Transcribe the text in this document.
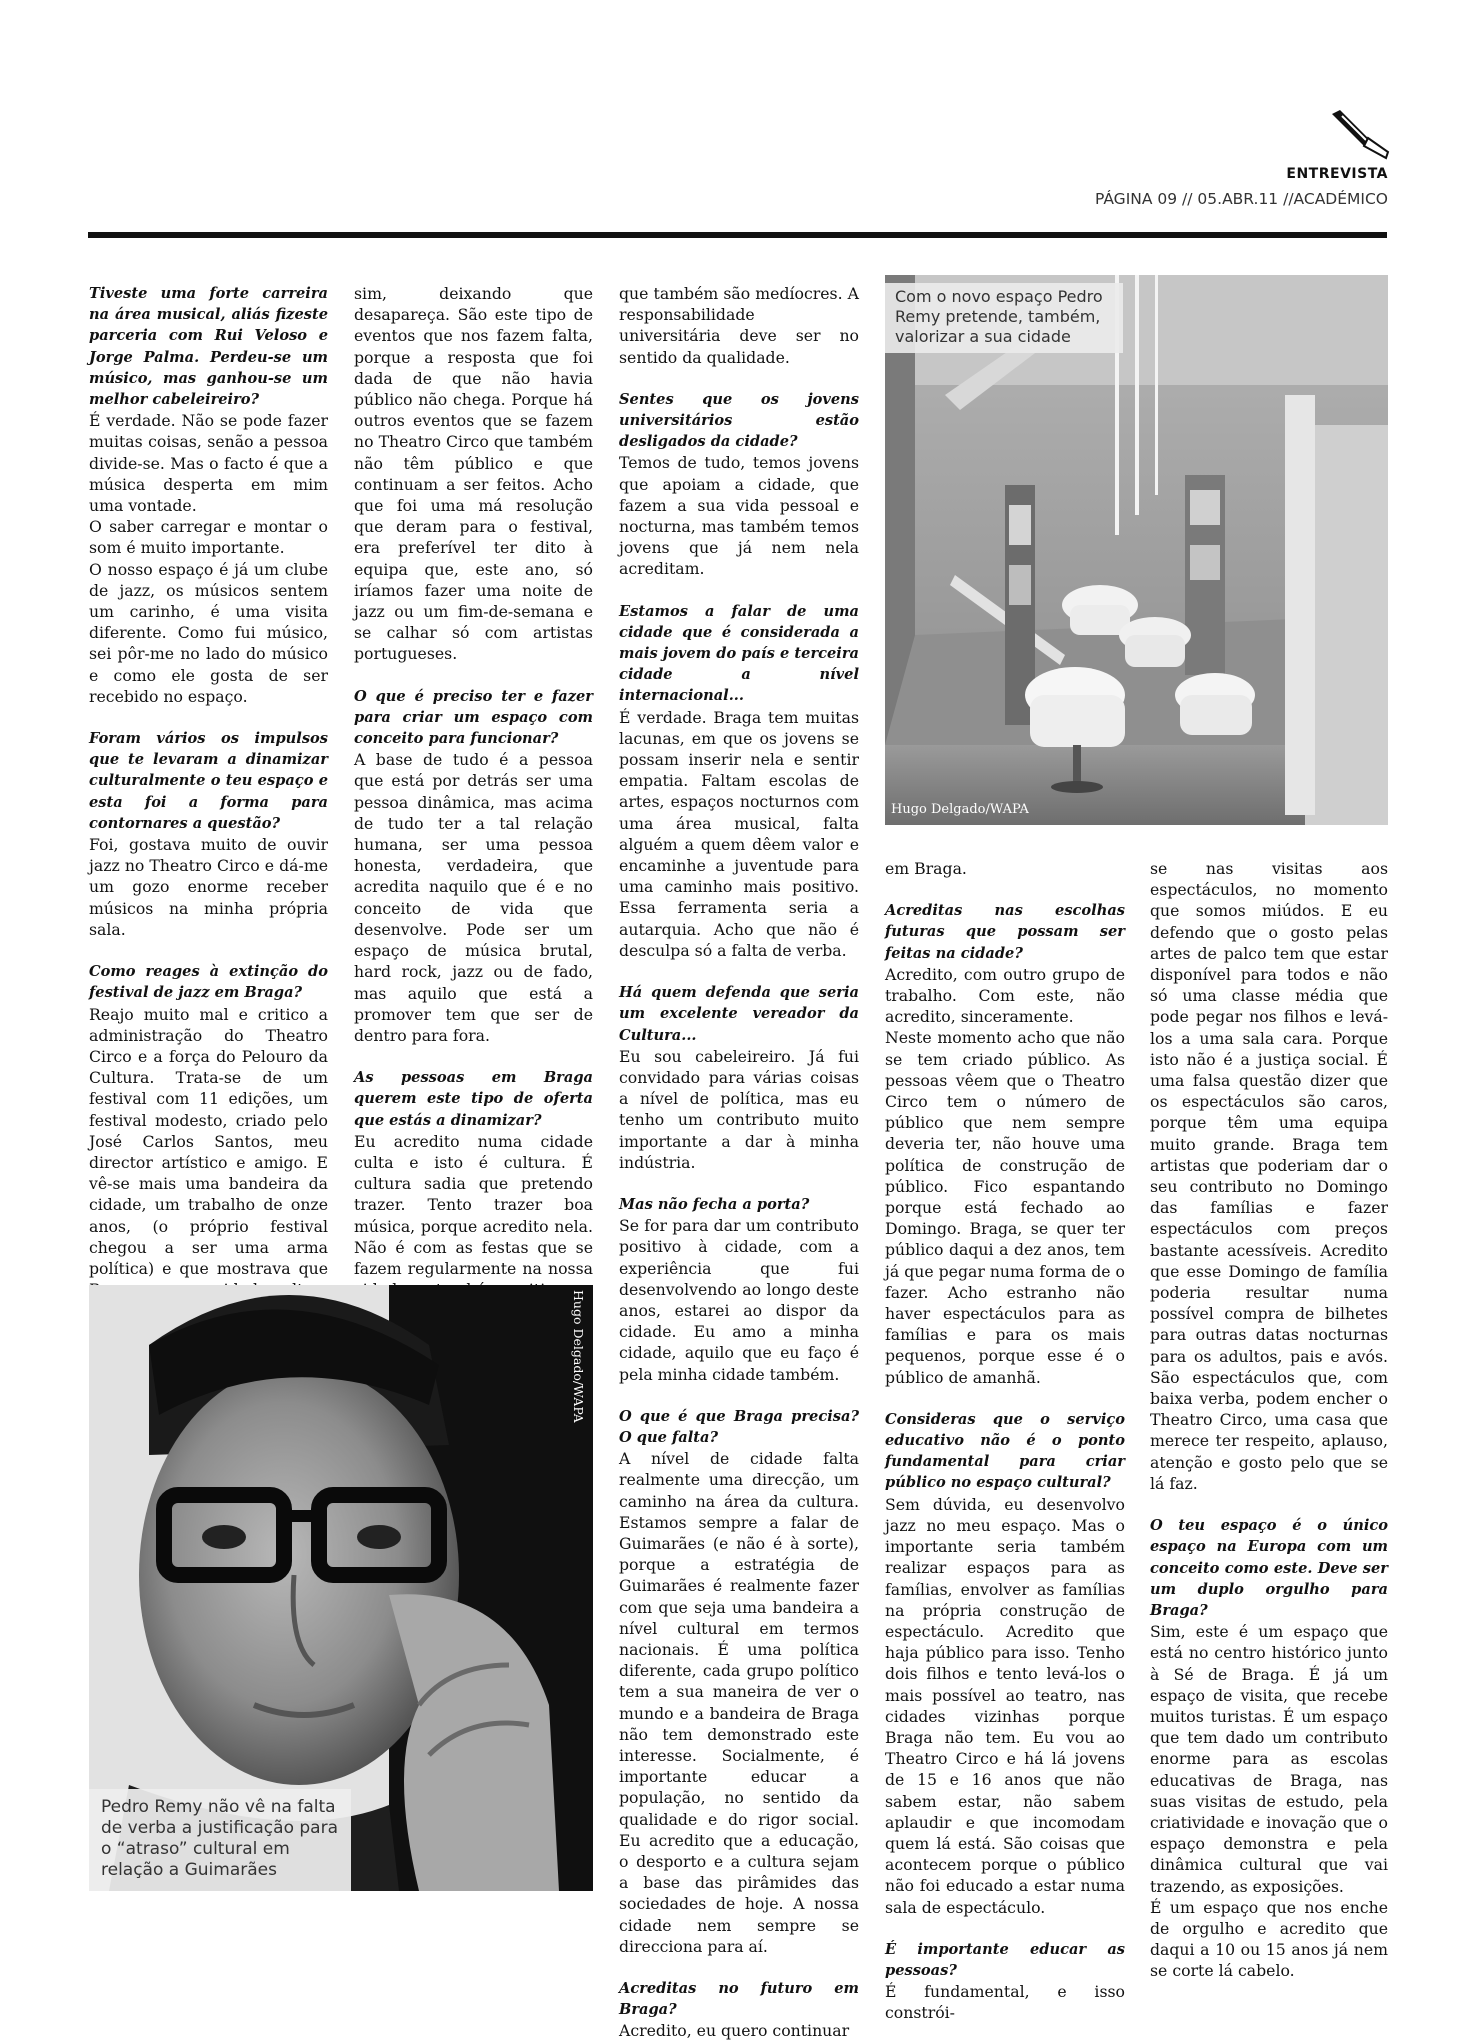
ENTREVISTA
PÁGINA 09 // 05.ABR.11 //ACADÉMICO

Tiveste uma forte carreira na área musical, aliás fizeste parceria com Rui Veloso e Jorge Palma. Perdeu-se um músico, mas ganhou-se um melhor cabeleireiro?

É verdade. Não se pode fazer muitas coisas, senão a pessoa divide-se. Mas o facto é que a música desperta em mim uma vontade.

O saber carregar e montar o som é muito importante.

O nosso espaço é já um clube de jazz, os músicos sentem um carinho, é uma visita diferente. Como fui músico, sei pôr-me no lado do músico e como ele gosta de ser recebido no espaço.

Foram vários os impulsos que te levaram a dinamizar culturalmente o teu espaço e esta foi a forma para contornares a questão?

Foi, gostava muito de ouvir jazz no Theatro Circo e dá-me um gozo enorme receber músicos na minha própria sala.

Como reages à extinção do festival de jazz em Braga?

Reajo muito mal e critico a administração do Theatro Circo e a força do Pelouro da Cultura. Trata-se de um festival com 11 edições, um festival modesto, criado pelo José Carlos Santos, meu director artístico e amigo. E vê-se mais uma bandeira da cidade, um trabalho de onze anos, (o próprio festival chegou a ser uma arma política) e que mostrava que

sim, deixando que desapareça. São este tipo de eventos que nos fazem falta, porque a resposta que foi dada de que não havia público não chega. Porque há outros eventos que se fazem no Theatro Circo que também não têm público e que continuam a ser feitos. Acho que foi uma má resolução que deram para o festival, era preferível ter dito à equipa que, este ano, só iríamos fazer uma noite de jazz ou um fim-de-semana e se calhar só com artistas portugueses.

O que é preciso ter e fazer para criar um espaço com conceito para funcionar?

A base de tudo é a pessoa que está por detrás ser uma pessoa dinâmica, mas acima de tudo ter a tal relação humana, ser uma pessoa honesta, verdadeira, que acredita naquilo que é e no conceito de vida que desenvolve. Pode ser um espaço de música brutal, hard rock, jazz ou de fado, mas aquilo que está a promover tem que ser de dentro para fora.

As pessoas em Braga querem este tipo de oferta que estás a dinamizar?

Eu acredito numa cidade culta e isto é cultura. É cultura sadia que pretendo trazer. Tento trazer boa música, porque acredito nela. Não é com as festas que se fazem regularmente na nossa

que também são medíocres. A responsabilidade universitária deve ser no sentido da qualidade.

Sentes que os jovens universitários estão desligados da cidade?

Temos de tudo, temos jovens que apoiam a cidade, que fazem a sua vida pessoal e nocturna, mas também temos jovens que já nem nela acreditam.

Estamos a falar de uma cidade que é considerada a mais jovem do país e terceira cidade a nível internacional...

É verdade. Braga tem muitas lacunas, em que os jovens se possam inserir nela e sentir empatia. Faltam escolas de artes, espaços nocturnos com uma área musical, falta alguém a quem dêem valor e encaminhe a juventude para uma caminho mais positivo. Essa ferramenta seria a autarquia. Acho que não é desculpa só a falta de verba.

Há quem defenda que seria um excelente vereador da Cultura...

Eu sou cabeleireiro. Já fui convidado para várias coisas a nível de política, mas eu tenho um contributo muito importante a dar à minha indústria.

Mas não fecha a porta?

Se for para dar um contributo positivo à cidade, com a experiência que fui desenvolvendo ao longo deste anos, estarei ao dispor da cidade. Eu amo a minha cidade, aquilo que eu faço é pela minha cidade também.

O que é que Braga precisa? O que falta?

A nível de cidade falta realmente uma direcção, um caminho na área da cultura. Estamos sempre a falar de Guimarães (e não é à sorte), porque a estratégia de Guimarães é realmente fazer com que seja uma bandeira a nível cultural em termos nacionais. É uma política diferente, cada grupo político tem a sua maneira de ver o mundo e a bandeira de Braga não tem demonstrado este interesse. Socialmente, é importante educar a população, no sentido da qualidade e do rigor social. Eu acredito que a educação, o desporto e a cultura sejam a base das pirâmides das sociedades de hoje. A nossa cidade nem sempre se direcciona para aí.

Acreditas no futuro em Braga?

Acredito, eu quero continuar

em Braga.

Acreditas nas escolhas futuras que possam ser feitas na cidade?

Acredito, com outro grupo de trabalho. Com este, não acredito, sinceramente.

Neste momento acho que não se tem criado público. As pessoas vêem que o Theatro Circo tem o número de público que nem sempre deveria ter, não houve uma política de construção de público. Fico espantando porque está fechado ao Domingo. Braga, se quer ter público daqui a dez anos, tem já que pegar numa forma de o fazer. Acho estranho não haver espectáculos para as famílias e para os mais pequenos, porque esse é o público de amanhã.

Consideras que o serviço educativo não é o ponto fundamental para criar público no espaço cultural?

Sem dúvida, eu desenvolvo jazz no meu espaço. Mas o importante seria também realizar espaços para as famílias, envolver as famílias na própria construção de espectáculo. Acredito que haja público para isso. Tenho dois filhos e tento levá-los o mais possível ao teatro, nas cidades vizinhas porque Braga não tem. Eu vou ao Theatro Circo e há lá jovens de 15 e 16 anos que não sabem estar, não sabem aplaudir e que incomodam quem lá está. São coisas que acontecem porque o público não foi educado a estar numa sala de espectáculo.

É importante educar as pessoas?

É fundamental, e isso constrói-

se nas visitas aos espectáculos, no momento que somos miúdos. E eu defendo que o gosto pelas artes de palco tem que estar disponível para todos e não só uma classe média que pode pegar nos filhos e levá-los a uma sala cara. Porque isto não é a justiça social. É uma falsa questão dizer que os espectáculos são caros, porque têm uma equipa muito grande. Braga tem artistas que poderiam dar o seu contributo no Domingo das famílias e fazer espectáculos com preços bastante acessíveis. Acredito que esse Domingo de família poderia resultar numa possível compra de bilhetes para outras datas nocturnas para os adultos, pais e avós. São espectáculos que, com baixa verba, podem encher o Theatro Circo, uma casa que merece ter respeito, aplauso, atenção e gosto pelo que se lá faz.

O teu espaço é o único espaço na Europa com um conceito como este. Deve ser um duplo orgulho para Braga?

Sim, este é um espaço que está no centro histórico junto à Sé de Braga. É já um espaço de visita, que recebe muitos turistas. É um espaço que tem dado um contributo enorme para as escolas educativas de Braga, nas suas visitas de estudo, pela criatividade e inovação que o espaço demonstra e pela dinâmica cultural que vai trazendo, as exposições.

É um espaço que nos enche de orgulho e acredito que daqui a 10 ou 15 anos já nem se corte lá cabelo.

Com o novo espaço Pedro Remy pretende, também, valorizar a sua cidade
Hugo Delgado/WAPA
Pedro Remy não vê na falta de verba a justificação para o “atraso” cultural em relação a Guimarães
Hugo Delgado/WAPA
